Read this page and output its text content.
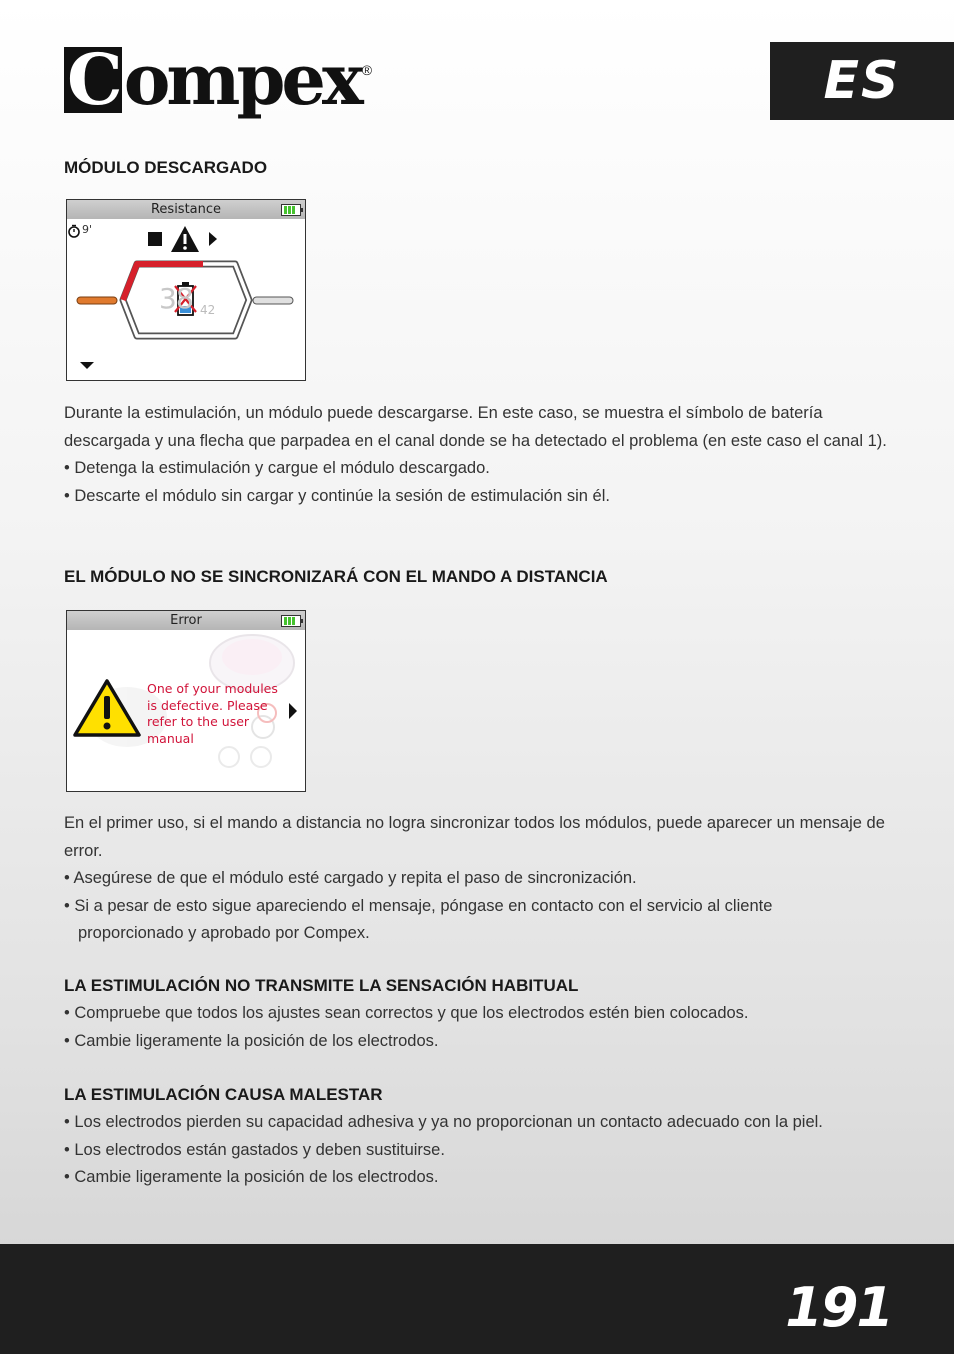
Compex ®	ES
MÓDULO DESCARGADO
Resistance
9'
38 42

Durante la estimulación, un módulo puede descargarse. En este caso, se muestra el símbolo de batería descargada y una flecha que parpadea en el canal donde se ha detectado el problema (en este caso el canal 1).

• Detenga la estimulación y cargue el módulo descargado.

• Descarte el módulo sin cargar y continúe la sesión de estimulación sin él.

EL MÓDULO NO SE SINCRONIZARÁ CON EL MANDO A DISTANCIA
Error
One of your modules
is defective. Please
refer to the user
manual

En el primer uso, si el mando a distancia no logra sincronizar todos los módulos, puede aparecer un mensaje de error.

• Asegúrese de que el módulo esté cargado y repita el paso de sincronización.

• Si a pesar de esto sigue apareciendo el mensaje, póngase en contacto con el servicio al cliente proporcionado y aprobado por Compex.

LA ESTIMULACIÓN NO TRANSMITE LA SENSACIÓN HABITUAL

• Compruebe que todos los ajustes sean correctos y que los electrodos estén bien colocados.

• Cambie ligeramente la posición de los electrodos.

LA ESTIMULACIÓN CAUSA MALESTAR

• Los electrodos pierden su capacidad adhesiva y ya no proporcionan un contacto adecuado con la piel.

• Los electrodos están gastados y deben sustituirse.

• Cambie ligeramente la posición de los electrodos.

191
